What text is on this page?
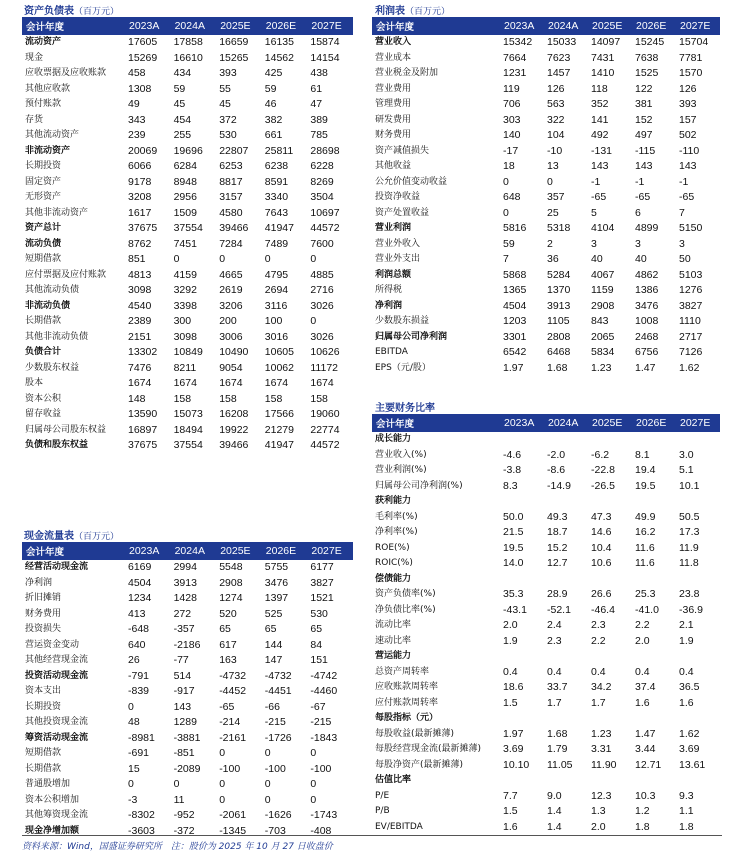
资产负债表（百万元）
会计年度	2023A	2024A	2025E	2026E	2027E
流动资产	17605	17858	16659	16135	15874
现金	15269	16610	15265	14562	14154
应收票据及应收账款	458	434	393	425	438
其他应收款	1308	59	55	59	61
预付账款	49	45	45	46	47
存货	343	454	372	382	389
其他流动资产	239	255	530	661	785
非流动资产	20069	19696	22807	25811	28698
长期投资	6066	6284	6253	6238	6228
固定资产	9178	8948	8817	8591	8269
无形资产	3208	2956	3157	3340	3504
其他非流动资产	1617	1509	4580	7643	10697
资产总计	37675	37554	39466	41947	44572
流动负债	8762	7451	7284	7489	7600
短期借款	851	0	0	0	0
应付票据及应付账款	4813	4159	4665	4795	4885
其他流动负债	3098	3292	2619	2694	2716
非流动负债	4540	3398	3206	3116	3026
长期借款	2389	300	200	100	0
其他非流动负债	2151	3098	3006	3016	3026
负债合计	13302	10849	10490	10605	10626
少数股东权益	7476	8211	9054	10062	11172
股本	1674	1674	1674	1674	1674
资本公积	148	158	158	158	158
留存收益	13590	15073	16208	17566	19060
归属母公司股东权益	16897	18494	19922	21279	22774
负债和股东权益	37675	37554	39466	41947	44572
利润表（百万元）
会计年度	2023A	2024A	2025E	2026E	2027E
营业收入	15342	15033	14097	15245	15704
营业成本	7664	7623	7431	7638	7781
营业税金及附加	1231	1457	1410	1525	1570
营业费用	119	126	118	122	126
管理费用	706	563	352	381	393
研发费用	303	322	141	152	157
财务费用	140	104	492	497	502
资产减值损失	-17	-10	-131	-115	-110
其他收益	18	13	143	143	143
公允价值变动收益	0	0	-1	-1	-1
投资净收益	648	357	-65	-65	-65
资产处置收益	0	25	5	6	7
营业利润	5816	5318	4104	4899	5150
营业外收入	59	2	3	3	3
营业外支出	7	36	40	40	50
利润总额	5868	5284	4067	4862	5103
所得税	1365	1370	1159	1386	1276
净利润	4504	3913	2908	3476	3827
少数股东损益	1203	1105	843	1008	1110
归属母公司净利润	3301	2808	2065	2468	2717
EBITDA	6542	6468	5834	6756	7126
EPS（元/股）	1.97	1.68	1.23	1.47	1.62
主要财务比率
会计年度	2023A	2024A	2025E	2026E	2027E
成长能力					
营业收入(%)	-4.6	-2.0	-6.2	8.1	3.0
营业利润(%)	-3.8	-8.6	-22.8	19.4	5.1
归属母公司净利润(%)	8.3	-14.9	-26.5	19.5	10.1
获利能力					
毛利率(%)	50.0	49.3	47.3	49.9	50.5
净利率(%)	21.5	18.7	14.6	16.2	17.3
ROE(%)	19.5	15.2	10.4	11.6	11.9
ROIC(%)	14.0	12.7	10.6	11.6	11.8
偿债能力					
资产负债率(%)	35.3	28.9	26.6	25.3	23.8
净负债比率(%)	-43.1	-52.1	-46.4	-41.0	-36.9
流动比率	2.0	2.4	2.3	2.2	2.1
速动比率	1.9	2.3	2.2	2.0	1.9
营运能力					
总资产周转率	0.4	0.4	0.4	0.4	0.4
应收账款周转率	18.6	33.7	34.2	37.4	36.5
应付账款周转率	1.5	1.7	1.7	1.6	1.6
每股指标（元）					
每股收益(最新摊薄)	1.97	1.68	1.23	1.47	1.62
每股经营现金流(最新摊薄)	3.69	1.79	3.31	3.44	3.69
每股净资产(最新摊薄)	10.10	11.05	11.90	12.71	13.61
估值比率					
P/E	7.7	9.0	12.3	10.3	9.3
P/B	1.5	1.4	1.3	1.2	1.1
EV/EBITDA	1.6	1.4	2.0	1.8	1.8
现金流量表（百万元）
会计年度	2023A	2024A	2025E	2026E	2027E
经营活动现金流	6169	2994	5548	5755	6177
净利润	4504	3913	2908	3476	3827
折旧摊销	1234	1428	1274	1397	1521
财务费用	413	272	520	525	530
投资损失	-648	-357	65	65	65
营运资金变动	640	-2186	617	144	84
其他经营现金流	26	-77	163	147	151
投资活动现金流	-791	514	-4732	-4732	-4742
资本支出	-839	-917	-4452	-4451	-4460
长期投资	0	143	-65	-66	-67
其他投资现金流	48	1289	-214	-215	-215
筹资活动现金流	-8981	-3881	-2161	-1726	-1843
短期借款	-691	-851	0	0	0
长期借款	15	-2089	-100	-100	-100
普通股增加	0	0	0	0	0
资本公积增加	-3	11	0	0	0
其他筹资现金流	-8302	-952	-2061	-1626	-1743
现金净增加额	-3603	-372	-1345	-703	-408
资料来源：Wind，国盛证券研究所　注：股价为 2025 年 10 月 27 日收盘价
